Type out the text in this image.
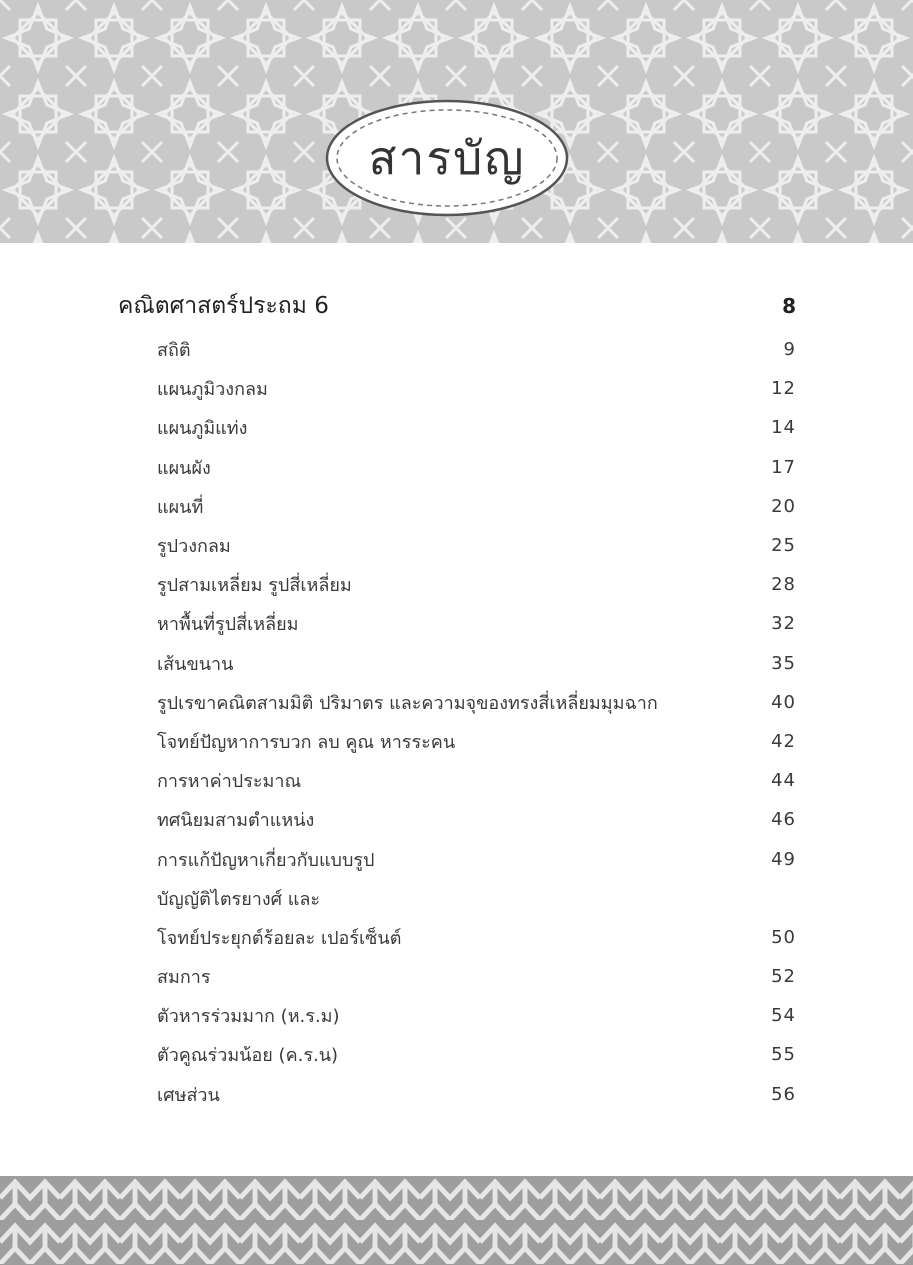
สารบัญ
คณิตศาสตร์ประถม 6	8
สถิติ	9
แผนภูมิวงกลม	12
แผนภูมิแท่ง	14
แผนผัง	17
แผนที่	20
รูปวงกลม	25
รูปสามเหลี่ยม รูปสี่เหลี่ยม	28
หาพื้นที่รูปสี่เหลี่ยม	32
เส้นขนาน	35
รูปเรขาคณิตสามมิติ ปริมาตร และความจุของทรงสี่เหลี่ยมมุมฉาก	40
โจทย์ปัญหาการบวก ลบ คูณ หารระคน	42
การหาค่าประมาณ	44
ทศนิยมสามตำแหน่ง	46
การแก้ปัญหาเกี่ยวกับแบบรูป	49
บัญญัติไตรยางศ์ และ
โจทย์ประยุกต์ร้อยละ เปอร์เซ็นต์	50
สมการ	52
ตัวหารร่วมมาก (ห.ร.ม)	54
ตัวคูณร่วมน้อย (ค.ร.น)	55
เศษส่วน	56
